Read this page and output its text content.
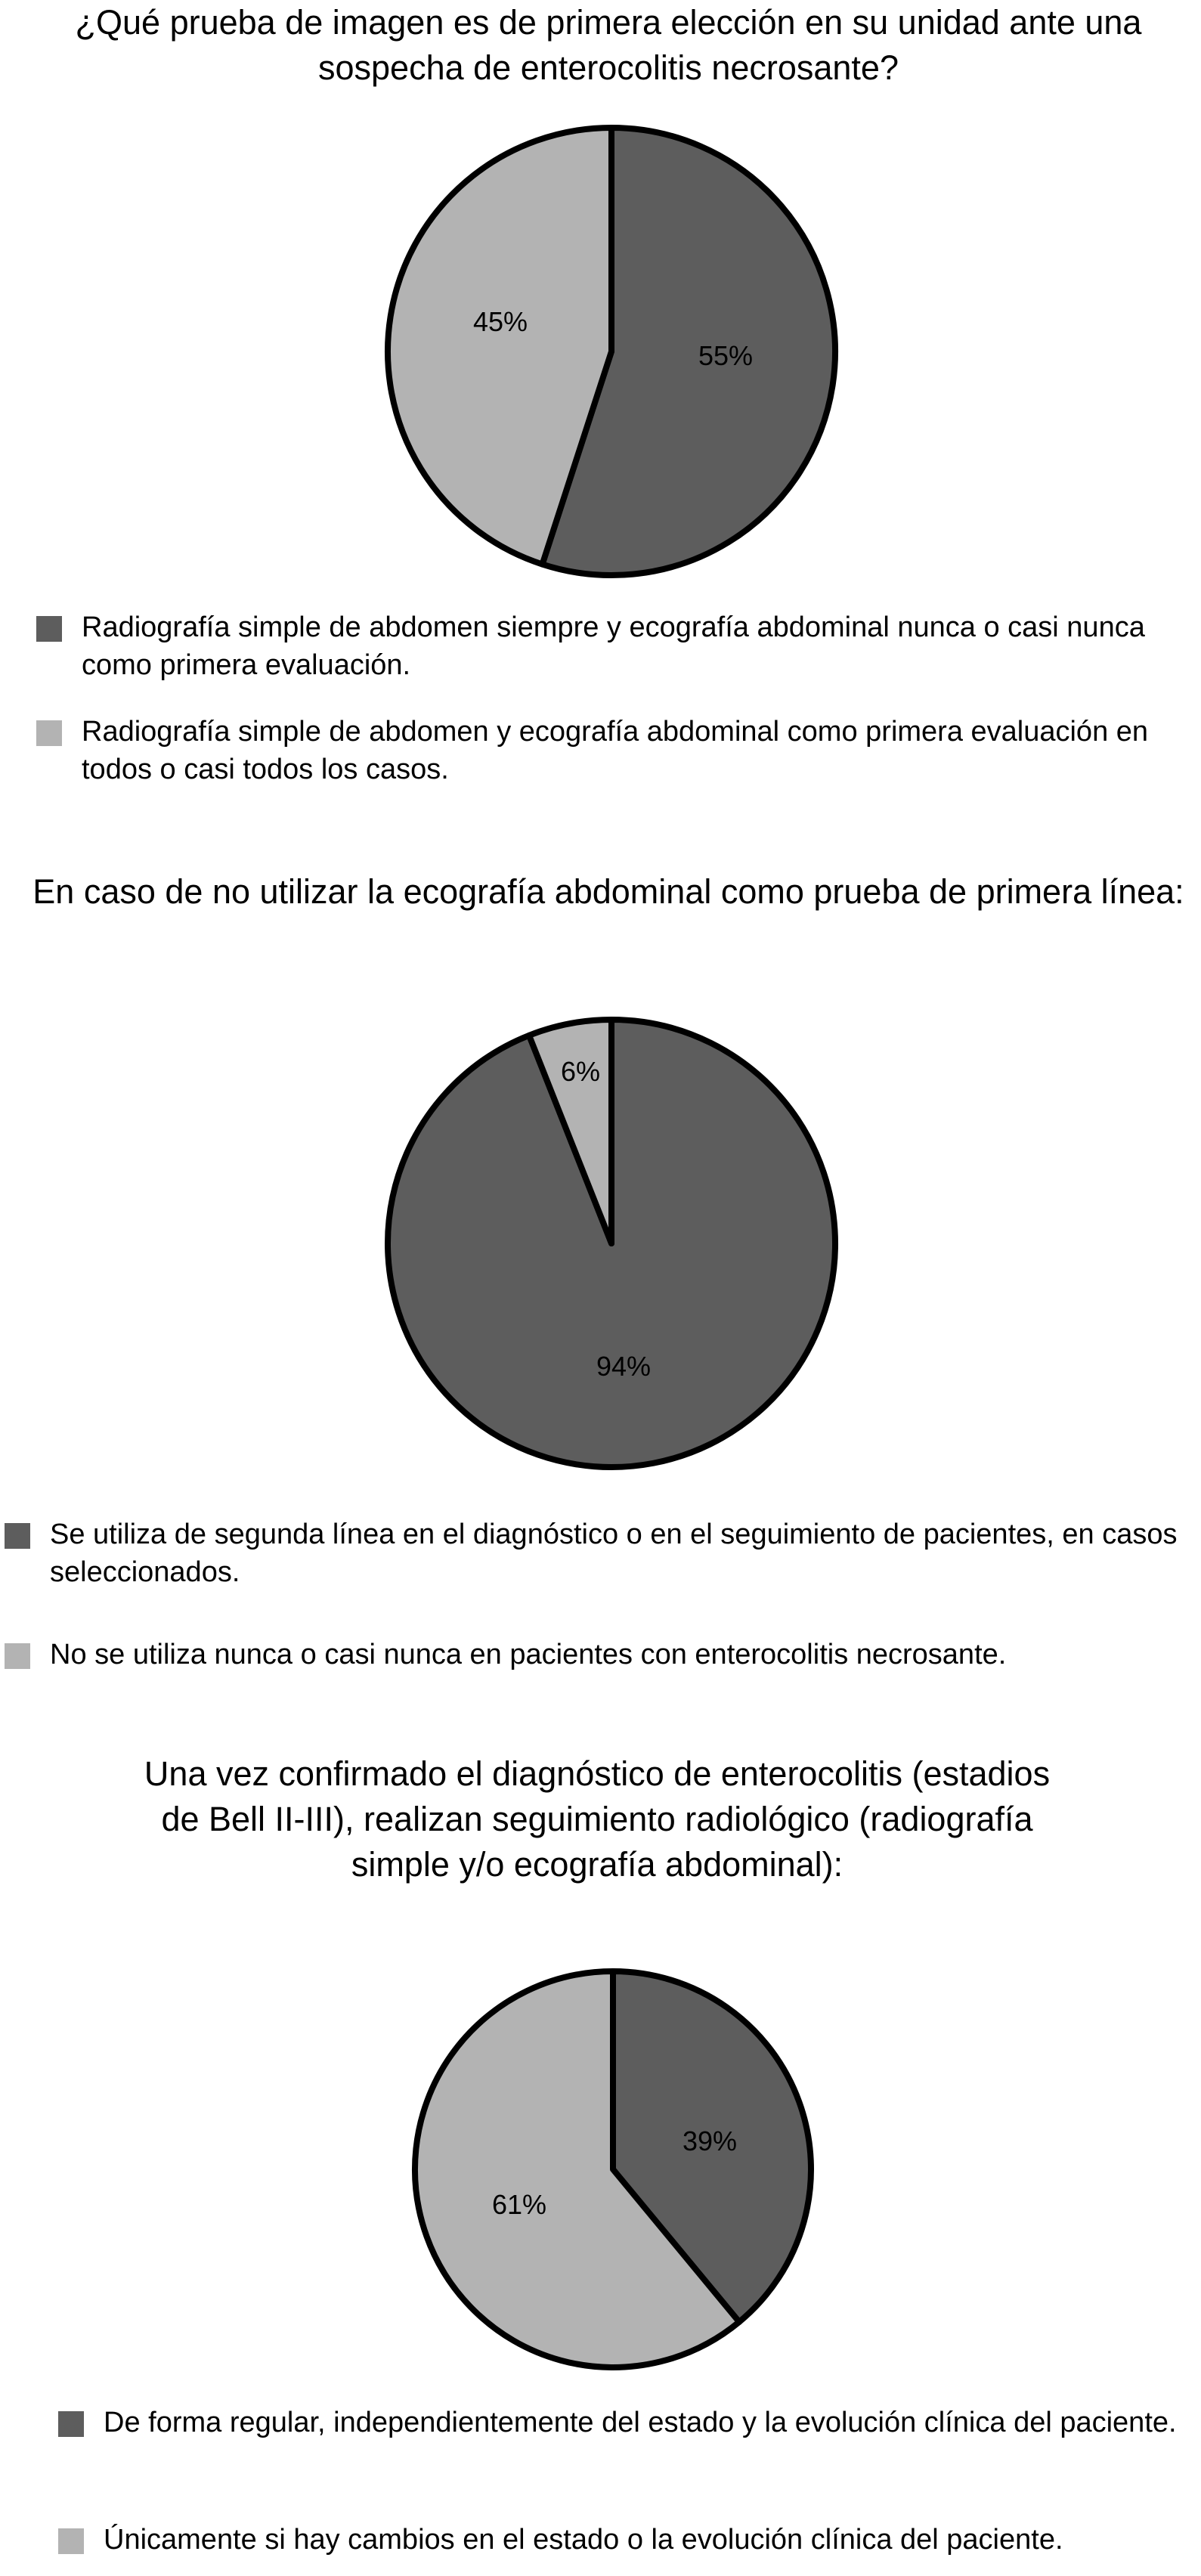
¿Qué prueba de imagen es de primera elección en su unidad ante una sospecha de enterocolitis necrosante?
55%
45%
Radiografía simple de abdomen siempre y ecografía abdominal nunca o casi nunca como primera evaluación.
Radiografía simple de abdomen y ecografía abdominal como primera evaluación en todos o casi todos los casos.
En caso de no utilizar la ecografía abdominal como prueba de primera línea:
94%
6%
Se utiliza de segunda línea en el diagnóstico o en el seguimiento de pacientes, en casos seleccionados.
No se utiliza nunca o casi nunca en pacientes con enterocolitis necrosante.
Una vez confirmado el diagnóstico de enterocolitis (estadios de Bell II-III), realizan seguimiento radiológico (radiografía simple y/o ecografía abdominal):
39%
61%
De forma regular, independientemente del estado y la evolución clínica del paciente.
Únicamente si hay cambios en el estado o la evolución clínica del paciente.
